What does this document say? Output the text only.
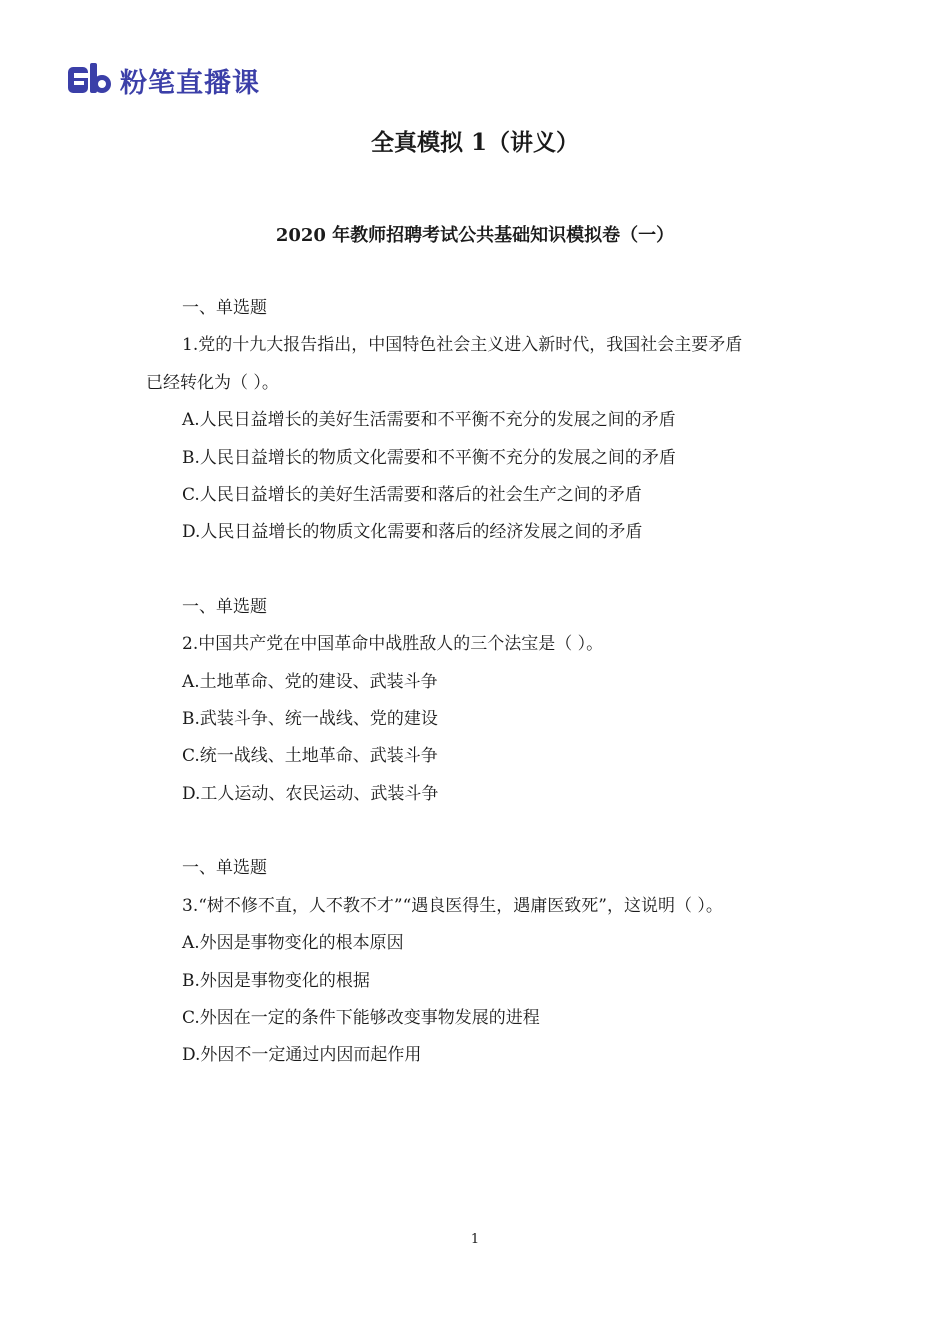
粉笔直播课
全真模拟 1（讲义）
2020 年教师招聘考试公共基础知识模拟卷（一）
一、单选题
1.党的十九大报告指出，中国特色社会主义进入新时代，我国社会主要矛盾
已经转化为（ ）。
A.人民日益增长的美好生活需要和不平衡不充分的发展之间的矛盾
B.人民日益增长的物质文化需要和不平衡不充分的发展之间的矛盾
C.人民日益增长的美好生活需要和落后的社会生产之间的矛盾
D.人民日益增长的物质文化需要和落后的经济发展之间的矛盾
一、单选题
2.中国共产党在中国革命中战胜敌人的三个法宝是（ ）。
A.土地革命、党的建设、武装斗争
B.武装斗争、统一战线、党的建设
C.统一战线、土地革命、武装斗争
D.工人运动、农民运动、武装斗争
一、单选题
3.“树不修不直，人不教不才”“遇良医得生，遇庸医致死”，这说明（ ）。
A.外因是事物变化的根本原因
B.外因是事物变化的根据
C.外因在一定的条件下能够改变事物发展的进程
D.外因不一定通过内因而起作用
1
